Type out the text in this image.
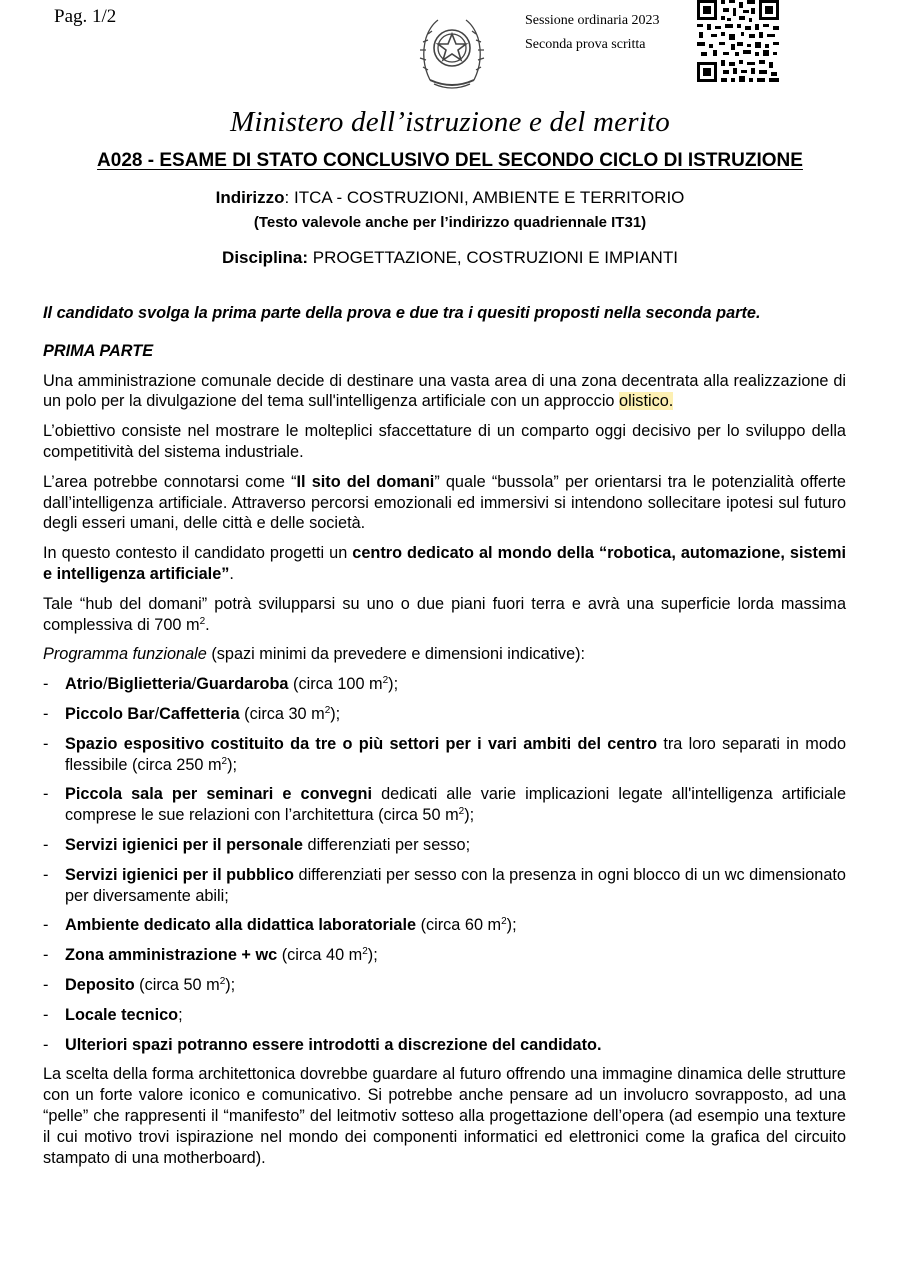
Pag. 1/2	Sessione ordinaria 2023
Seconda prova scritta
Ministero dell’istruzione e del merito
A028 - ESAME DI STATO CONCLUSIVO DEL SECONDO CICLO DI ISTRUZIONE
Indirizzo: ITCA - COSTRUZIONI, AMBIENTE E TERRITORIO
(Testo valevole anche per l’indirizzo quadriennale IT31)
Disciplina: PROGETTAZIONE, COSTRUZIONI E IMPIANTI

Il candidato svolga la prima parte della prova e due tra i quesiti proposti nella seconda parte.

PRIMA PARTE

Una amministrazione comunale decide di destinare una vasta area di una zona decentrata alla realizzazione di un polo per la divulgazione del tema sull'intelligenza artificiale con un approccio olistico.

L’obiettivo consiste nel mostrare le molteplici sfaccettature di un comparto oggi decisivo per lo sviluppo della competitività del sistema industriale.

L’area potrebbe connotarsi come “Il sito del domani” quale “bussola” per orientarsi tra le potenzialità offerte dall’intelligenza artificiale. Attraverso percorsi emozionali ed immersivi si intendono sollecitare ipotesi sul futuro degli esseri umani, delle città e delle società.

In questo contesto il candidato progetti un centro dedicato al mondo della “robotica, automazione, sistemi e intelligenza artificiale”.

Tale “hub del domani” potrà svilupparsi su uno o due piani fuori terra e avrà una superficie lorda massima complessiva di 700 $m^2$.

Programma funzionale (spazi minimi da prevedere e dimensioni indicative):

- Atrio/Biglietteria/Guardaroba (circa 100 $m^2$);
- Piccolo Bar/Caffetteria (circa 30 $m^2$);
- Spazio espositivo costituito da tre o più settori per i vari ambiti del centro tra loro separati in modo flessibile (circa 250 $m^2$);
- Piccola sala per seminari e convegni dedicati alle varie implicazioni legate all'intelligenza artificiale comprese le sue relazioni con l’architettura (circa 50 $m^2$);
- Servizi igienici per il personale differenziati per sesso;
- Servizi igienici per il pubblico differenziati per sesso con la presenza in ogni blocco di un wc dimensionato per diversamente abili;
- Ambiente dedicato alla didattica laboratoriale (circa 60 $m^2$);
- Zona amministrazione + wc (circa 40 $m^2$);
- Deposito (circa 50 $m^2$);
- Locale tecnico;
- Ulteriori spazi potranno essere introdotti a discrezione del candidato.

La scelta della forma architettonica dovrebbe guardare al futuro offrendo una immagine dinamica delle strutture con un forte valore iconico e comunicativo. Si potrebbe anche pensare ad un involucro sovrapposto, ad una “pelle” che rappresenti il “manifesto” del leitmotiv sotteso alla progettazione dell’opera (ad esempio una texture il cui motivo trovi ispirazione nel mondo dei componenti informatici ed elettronici come la grafica del circuito stampato di una motherboard).
